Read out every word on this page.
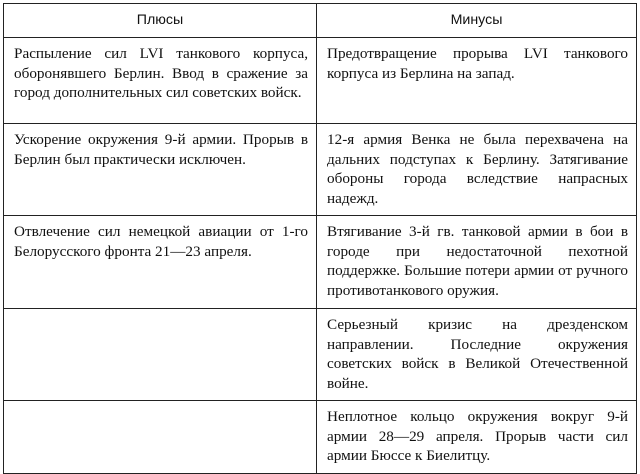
Плюсы	Минусы

Распыление сил LVI танкового корпуса, оборонявшего Берлин. Ввод в сражение за город дополнительных сил советских войск.	Предотвращение прорыва LVI танкового корпуса из Берлина на запад.

Ускорение окружения 9-й армии. Прорыв в Берлин был практически исключен.	12-я армия Венка не была перехвачена на дальних подступах к Берлину. Затягивание обороны города вследствие напрасных надежд.

Отвлечение сил немецкой авиации от 1-го Белорусского фронта 21—23 апреля.	Втягивание 3-й гв. танковой армии в бои в городе при недостаточной пехотной поддержке. Большие потери армии от ручного противотанкового оружия.

	Серьезный кризис на дрезденском направлении. Последние окружения советских войск в Великой Отечественной войне.

	Неплотное кольцо окружения вокруг 9-й армии 28—29 апреля. Прорыв части сил армии Бюссе к Биелитцу.
